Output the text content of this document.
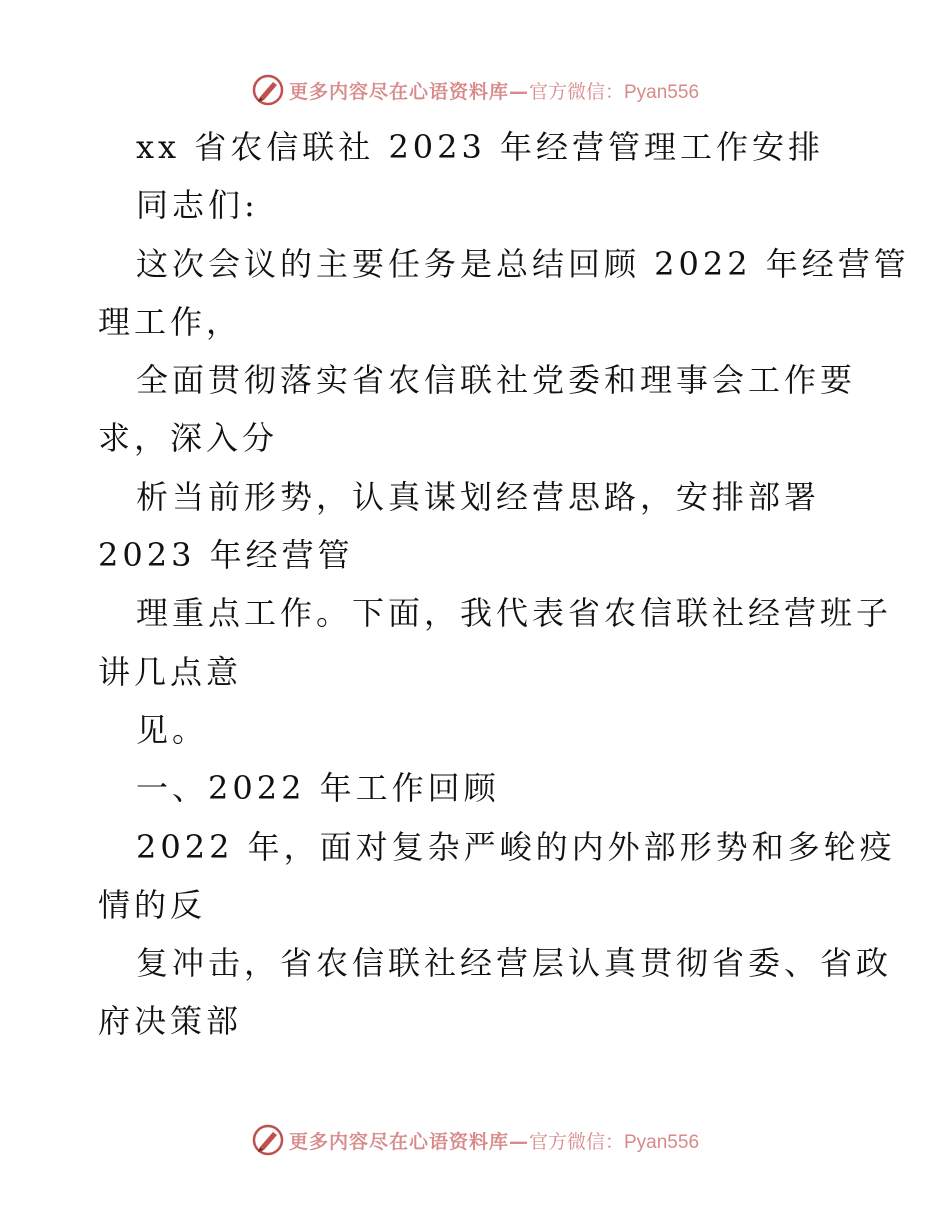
更多内容尽在心语资料库— 官方微信：Pyan556
xx 省农信联社 2023 年经营管理工作安排
同志们:
这次会议的主要任务是总结回顾 2022 年经营管
理工作，
全面贯彻落实省农信联社党委和理事会工作要
求，深入分
析当前形势，认真谋划经营思路，安排部署
2023 年经营管
理重点工作。下面，我代表省农信联社经营班子
讲几点意
见。
一、2022 年工作回顾
2022 年，面对复杂严峻的内外部形势和多轮疫
情的反
复冲击，省农信联社经营层认真贯彻省委、省政
府决策部
更多内容尽在心语资料库— 官方微信：Pyan556
